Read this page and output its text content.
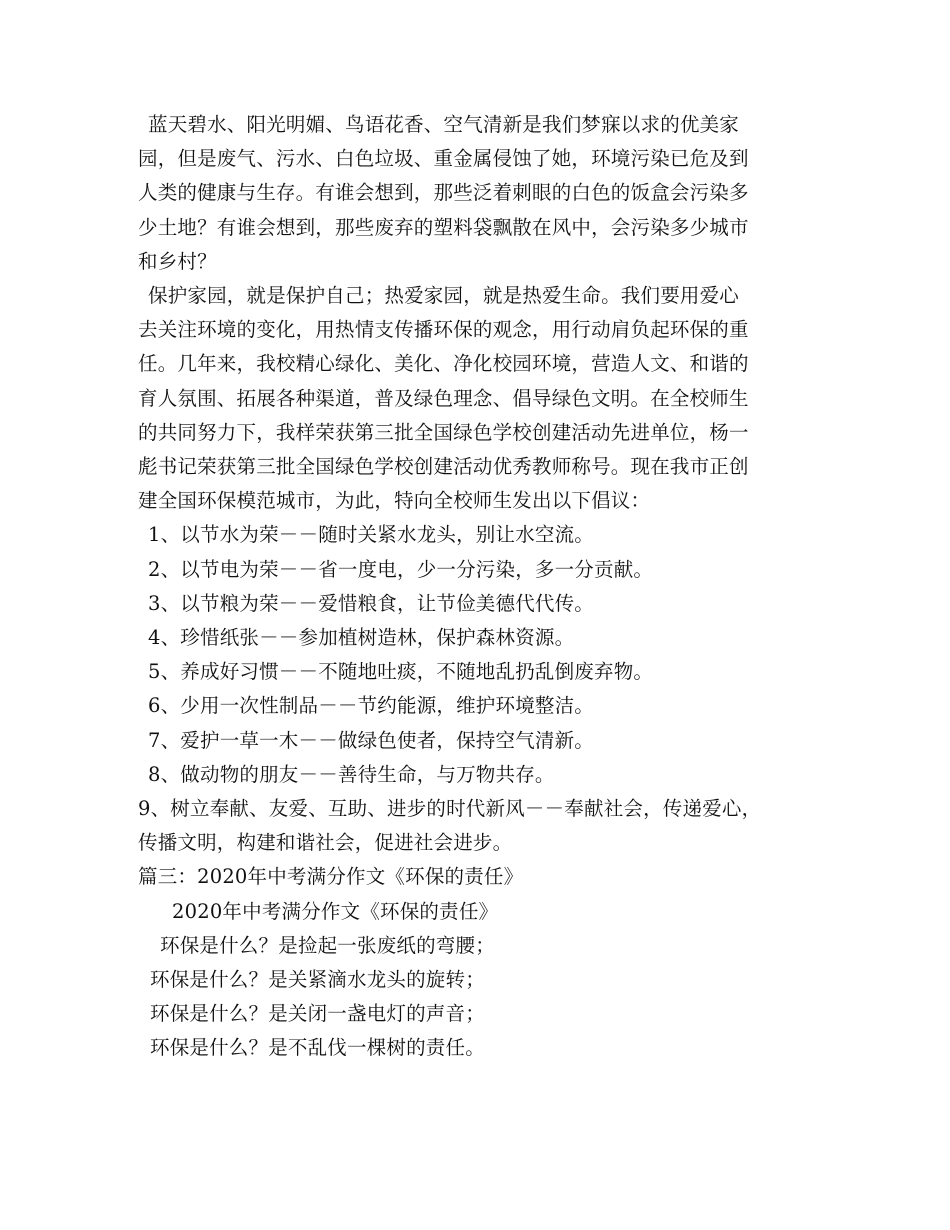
蓝天碧水、阳光明媚、鸟语花香、空气清新是我们梦寐以求的优美家
园，但是废气、污水、白色垃圾、重金属侵蚀了她，环境污染已危及到
人类的健康与生存。有谁会想到，那些泛着刺眼的白色的饭盒会污染多
少土地？有谁会想到，那些废弃的塑料袋飘散在风中，会污染多少城市
和乡村？
保护家园，就是保护自己；热爱家园，就是热爱生命。我们要用爱心
去关注环境的变化，用热情支传播环保的观念，用行动肩负起环保的重
任。几年来，我校精心绿化、美化、净化校园环境，营造人文、和谐的
育人氛围、拓展各种渠道，普及绿色理念、倡导绿色文明。在全校师生
的共同努力下，我样荣获第三批全国绿色学校创建活动先进单位，杨一
彪书记荣获第三批全国绿色学校创建活动优秀教师称号。现在我市正创
建全国环保模范城市，为此，特向全校师生发出以下倡议：
1、以节水为荣－－随时关紧水龙头，别让水空流。
2、以节电为荣－－省一度电，少一分污染，多一分贡献。
3、以节粮为荣－－爱惜粮食，让节俭美德代代传。
4、珍惜纸张－－参加植树造林，保护森林资源。
5、养成好习惯－－不随地吐痰，不随地乱扔乱倒废弃物。
6、少用一次性制品－－节约能源，维护环境整洁。
7、爱护一草一木－－做绿色使者，保持空气清新。
8、做动物的朋友－－善待生命，与万物共存。
9、树立奉献、友爱、互助、进步的时代新风－－奉献社会，传递爱心，
传播文明，构建和谐社会，促进社会进步。
篇三：2020年中考满分作文《环保的责任》
2020年中考满分作文《环保的责任》
环保是什么？是捡起一张废纸的弯腰；
环保是什么？是关紧滴水龙头的旋转；
环保是什么？是关闭一盏电灯的声音；
环保是什么？是不乱伐一棵树的责任。
